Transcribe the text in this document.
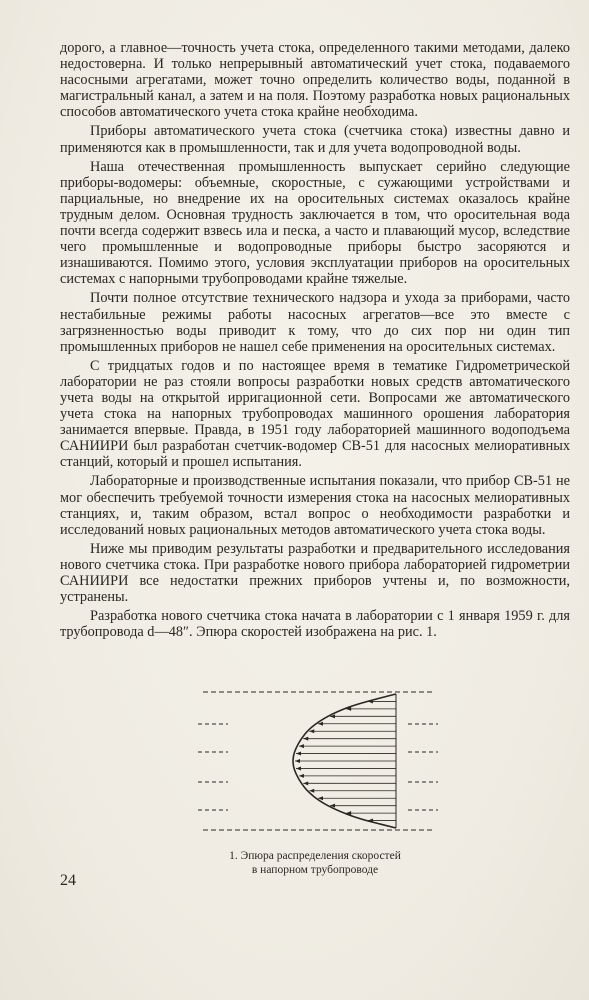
дорого, а главное—точность учета стока, определенного такими методами, далеко недостоверна. И только непрерывный автоматический учет стока, подаваемого насосными агрегатами, может точно определить количество воды, поданной в магистральный канал, а затем и на поля. Поэтому разработка новых рациональных способов автоматического учета стока крайне необходима.

Приборы автоматического учета стока (счетчика стока) известны давно и применяются как в промышленности, так и для учета водопроводной воды.

Наша отечественная промышленность выпускает серийно следующие приборы-водомеры: объемные, скоростные, с сужающими устройствами и парциальные, но внедрение их на оросительных системах оказалось крайне трудным делом. Основная трудность заключается в том, что оросительная вода почти всегда содержит взвесь ила и песка, а часто и плавающий мусор, вследствие чего промышленные и водопроводные приборы быстро засоряются и изнашиваются. Помимо этого, условия эксплуатации приборов на оросительных системах с напорными трубопроводами крайне тяжелые.

Почти полное отсутствие технического надзора и ухода за приборами, часто нестабильные режимы работы насосных агрегатов—все это вместе с загрязненностью воды приводит к тому, что до сих пор ни один тип промышленных приборов не нашел себе применения на оросительных системах.

С тридцатых годов и по настоящее время в тематике Гидрометрической лаборатории не раз стояли вопросы разработки новых средств автоматического учета воды на открытой ирригационной сети. Вопросами же автоматического учета стока на напорных трубопроводах машинного орошения лаборатория занимается впервые. Правда, в 1951 году лабораторией машинного водоподъема САНИИРИ был разработан счетчик-водомер СВ-51 для насосных мелиоративных станций, который и прошел испытания.

Лабораторные и производственные испытания показали, что прибор СВ-51 не мог обеспечить требуемой точности измерения стока на насосных мелиоративных станциях, и, таким образом, встал вопрос о необходимости разработки и исследований новых рациональных методов автоматического учета стока воды.

Ниже мы приводим результаты разработки и предварительного исследования нового счетчика стока. При разработке нового прибора лабораторией гидрометрии САНИИРИ все недостатки прежних приборов учтены и, по возможности, устранены.

Разработка нового счетчика стока начата в лаборатории с 1 января 1959 г. для трубопровода d—48″. Эпюра скоростей изображена на рис. 1.

1. Эпюра распределения скоростей
в напорном трубопроводе
24
